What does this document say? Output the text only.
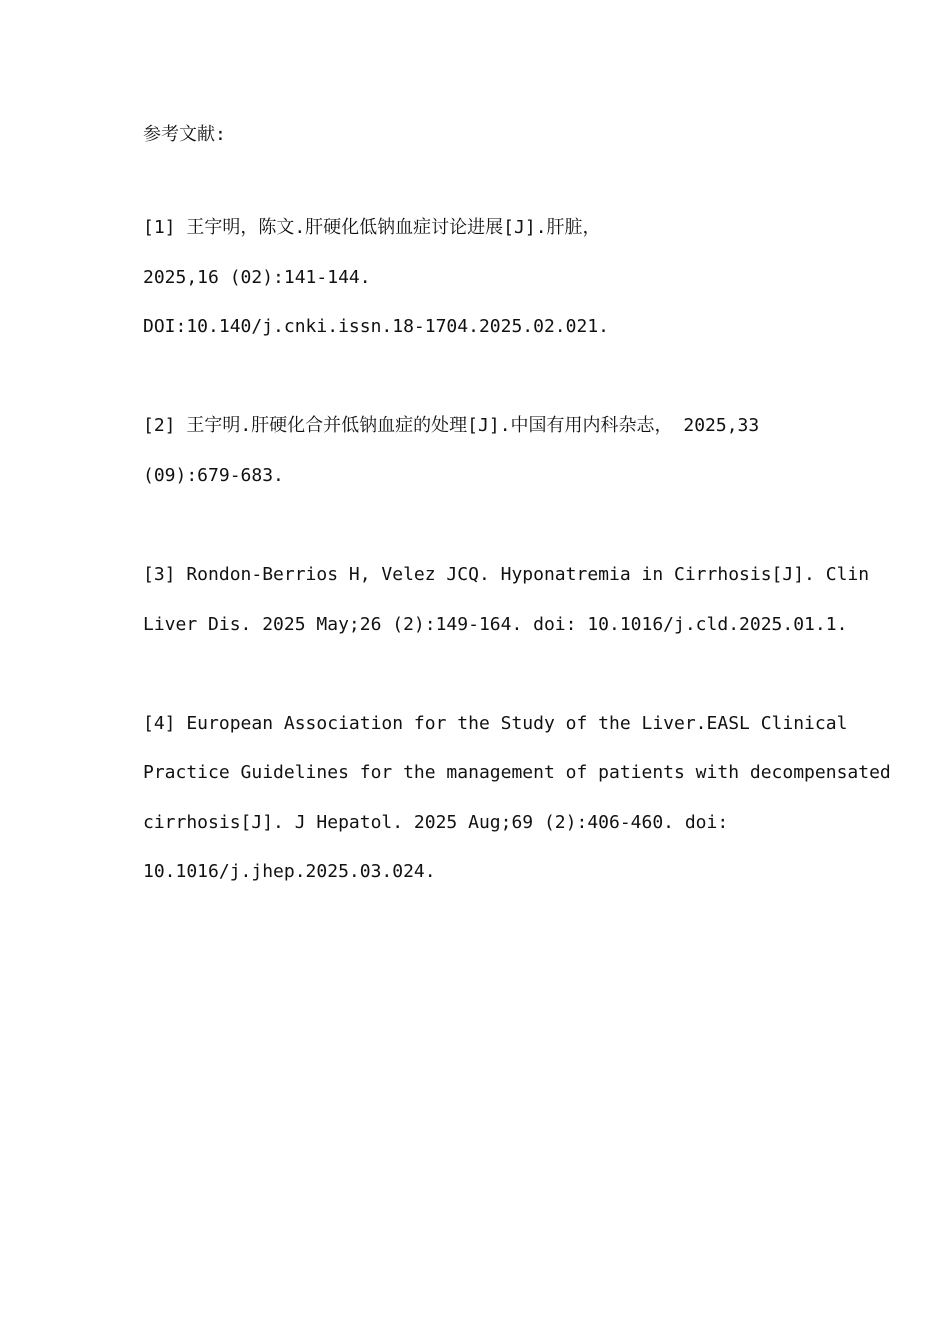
参考文献:
[1] 王宇明，陈文.肝硬化低钠血症讨论进展[J].肝脏，
2025,16 (02):141-144.
DOI:10.140/j.cnki.issn.18-1704.2025.02.021.
[2] 王宇明.肝硬化合并低钠血症的处理[J].中国有用内科杂志， 2025,33
(09):679-683.
[3] Rondon-Berrios H, Velez JCQ. Hyponatremia in Cirrhosis[J]. Clin
Liver Dis. 2025 May;26 (2):149-164. doi: 10.1016/j.cld.2025.01.1.
[4] European Association for the Study of the Liver.EASL Clinical
Practice Guidelines for the management of patients with decompensated
cirrhosis[J]. J Hepatol. 2025 Aug;69 (2):406-460. doi:
10.1016/j.jhep.2025.03.024.
